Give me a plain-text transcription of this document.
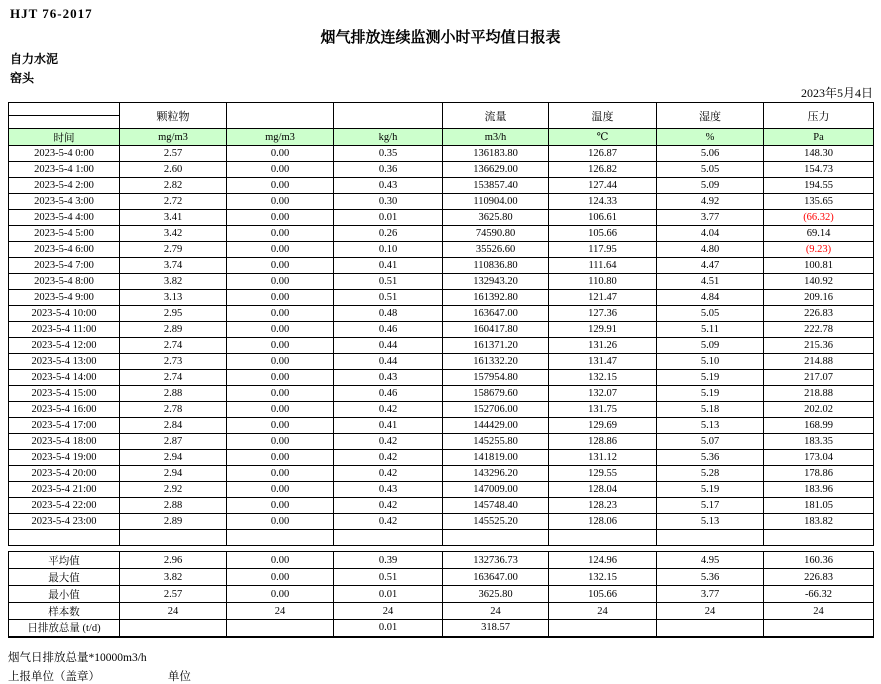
HJT 76-2017
烟气排放连续监测小时平均值日报表
自力水泥
窑头
2023年5月4日
	颗粒物			流量	温度	湿度	压力

时间	mg/m3	mg/m3	kg/h	m3/h	℃	%	Pa
2023-5-4 0:00	2.57	0.00	0.35	136183.80	126.87	5.06	148.30
2023-5-4 1:00	2.60	0.00	0.36	136629.00	126.82	5.05	154.73
2023-5-4 2:00	2.82	0.00	0.43	153857.40	127.44	5.09	194.55
2023-5-4 3:00	2.72	0.00	0.30	110904.00	124.33	4.92	135.65
2023-5-4 4:00	3.41	0.00	0.01	3625.80	106.61	3.77	(66.32)
2023-5-4 5:00	3.42	0.00	0.26	74590.80	105.66	4.04	69.14
2023-5-4 6:00	2.79	0.00	0.10	35526.60	117.95	4.80	(9.23)
2023-5-4 7:00	3.74	0.00	0.41	110836.80	111.64	4.47	100.81
2023-5-4 8:00	3.82	0.00	0.51	132943.20	110.80	4.51	140.92
2023-5-4 9:00	3.13	0.00	0.51	161392.80	121.47	4.84	209.16
2023-5-4 10:00	2.95	0.00	0.48	163647.00	127.36	5.05	226.83
2023-5-4 11:00	2.89	0.00	0.46	160417.80	129.91	5.11	222.78
2023-5-4 12:00	2.74	0.00	0.44	161371.20	131.26	5.09	215.36
2023-5-4 13:00	2.73	0.00	0.44	161332.20	131.47	5.10	214.88
2023-5-4 14:00	2.74	0.00	0.43	157954.80	132.15	5.19	217.07
2023-5-4 15:00	2.88	0.00	0.46	158679.60	132.07	5.19	218.88
2023-5-4 16:00	2.78	0.00	0.42	152706.00	131.75	5.18	202.02
2023-5-4 17:00	2.84	0.00	0.41	144429.00	129.69	5.13	168.99
2023-5-4 18:00	2.87	0.00	0.42	145255.80	128.86	5.07	183.35
2023-5-4 19:00	2.94	0.00	0.42	141819.00	131.12	5.36	173.04
2023-5-4 20:00	2.94	0.00	0.42	143296.20	129.55	5.28	178.86
2023-5-4 21:00	2.92	0.00	0.43	147009.00	128.04	5.19	183.96
2023-5-4 22:00	2.88	0.00	0.42	145748.40	128.23	5.17	181.05
2023-5-4 23:00	2.89	0.00	0.42	145525.20	128.06	5.13	183.82

平均值	2.96	0.00	0.39	132736.73	124.96	4.95	160.36
最大值	3.82	0.00	0.51	163647.00	132.15	5.36	226.83
最小值	2.57	0.00	0.01	3625.80	105.66	3.77	-66.32
样本数	24	24	24	24	24	24	24
日排放总量 (t/d)			0.01	318.57			
烟气日排放总量*10000m3/h
上报单位（盖章）	单位
